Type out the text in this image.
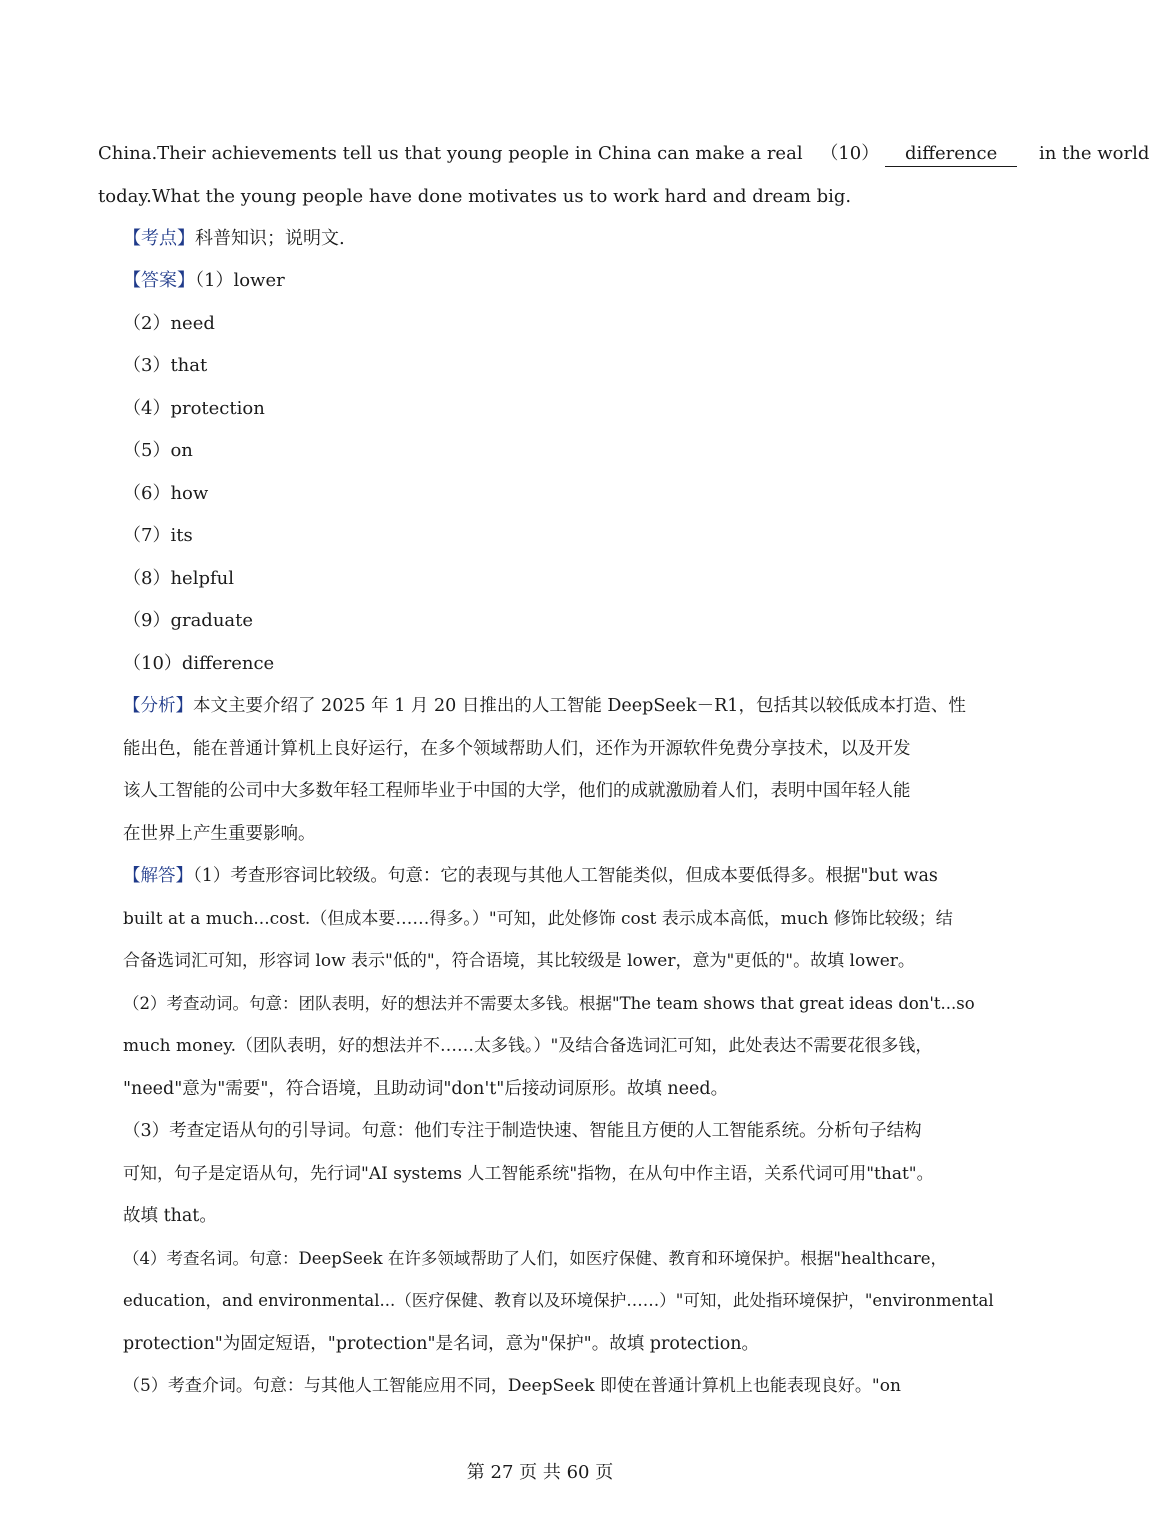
China.Their achievements tell us that young people in China can make a real （10） difference in the world
today.What the young people have done motivates us to work hard and dream big.
【考点】科普知识；说明文.
【答案】（1）lower
（2）need
（3）that
（4）protection
（5）on
（6）how
（7）its
（8）helpful
（9）graduate
（10）difference
【分析】本文主要介绍了 2025 年 1 月 20 日推出的人工智能 DeepSeek－R1，包括其以较低成本打造、性
能出色，能在普通计算机上良好运行，在多个领域帮助人们，还作为开源软件免费分享技术，以及开发
该人工智能的公司中大多数年轻工程师毕业于中国的大学，他们的成就激励着人们，表明中国年轻人能
在世界上产生重要影响。
【解答】（1）考查形容词比较级。句意：它的表现与其他人工智能类似，但成本要低得多。根据"but was
built at a much...cost.（但成本要……得多。）"可知，此处修饰 cost 表示成本高低，much 修饰比较级；结
合备选词汇可知，形容词 low 表示"低的"，符合语境，其比较级是 lower，意为"更低的"。故填 lower。
（2）考查动词。句意：团队表明，好的想法并不需要太多钱。根据"The team shows that great ideas don't...so
much money.（团队表明，好的想法并不……太多钱。）"及结合备选词汇可知，此处表达不需要花很多钱，
"need"意为"需要"，符合语境，且助动词"don't"后接动词原形。故填 need。
（3）考查定语从句的引导词。句意：他们专注于制造快速、智能且方便的人工智能系统。分析句子结构
可知，句子是定语从句，先行词"AI systems 人工智能系统"指物，在从句中作主语，关系代词可用"that"。
故填 that。
（4）考查名词。句意：DeepSeek 在许多领域帮助了人们，如医疗保健、教育和环境保护。根据"healthcare，
education，and environmental...（医疗保健、教育以及环境保护……）"可知，此处指环境保护，"environmental
protection"为固定短语，"protection"是名词，意为"保护"。故填 protection。
（5）考查介词。句意：与其他人工智能应用不同，DeepSeek 即使在普通计算机上也能表现良好。"on
第 27 页 共 60 页
